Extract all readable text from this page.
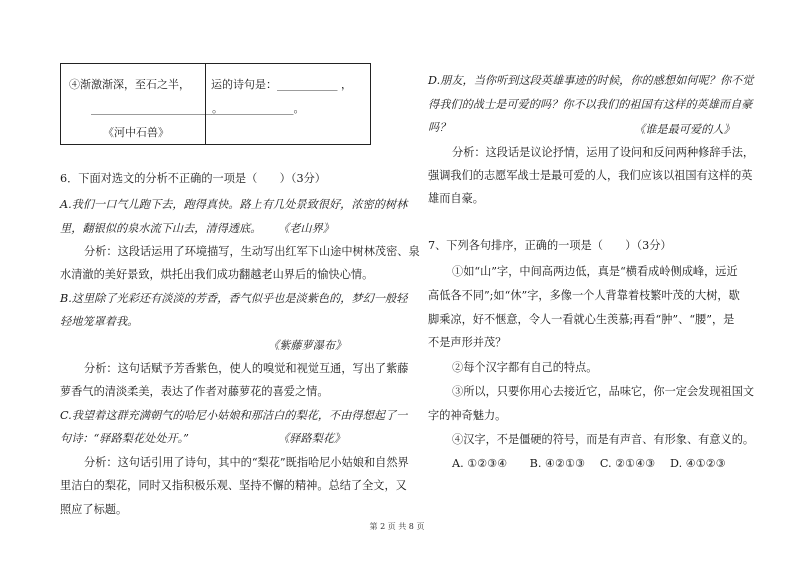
④渐激渐深，至石之半，
______________________。
《河中石兽》
运的诗句是：___________ ，
_______________。
6．下面对选文的分析不正确的一项是（　　）（3分）
A.我们一口气儿跑下去，跑得真快。路上有几处景致很好，浓密的树林
里，翻银似的泉水流下山去，清得透底。 《老山界》
分析：这段话运用了环境描写，生动写出红军下山途中树林茂密、泉
水清澈的美好景致，烘托出我们成功翻越老山界后的愉快心情。
B.这里除了光彩还有淡淡的芳香，香气似乎也是淡紫色的，梦幻一般轻
轻地笼罩着我。
《紫藤萝瀑布》
分析：这句话赋予芳香紫色，使人的嗅觉和视觉互通，写出了紫藤
萝香气的清淡柔美，表达了作者对藤萝花的喜爱之情。
C.我望着这群充满朝气的哈尼小姑娘和那洁白的梨花，不由得想起了一
句诗：“驿路梨花处处开。”	《驿路梨花》
分析：这句话引用了诗句，其中的“梨花”既指哈尼小姑娘和自然界
里洁白的梨花，同时又指积极乐观、坚持不懈的精神。总结了全文，又
照应了标题。
D.朋友，当你听到这段英雄事迹的时候，你的感想如何呢？你不觉
得我们的战士是可爱的吗？你不以我们的祖国有这样的英雄而自豪
吗？	《谁是最可爱的人》
分析：这段话是议论抒情，运用了设问和反问两种修辞手法，
强调我们的志愿军战士是最可爱的人，我们应该以祖国有这样的英
雄而自豪。
7、下列各句排序，正确的一项是（　　）（3分）
①如“山”字，中间高两边低，真是“横看成岭侧成峰，远近
高低各不同”;如“休”字，多像一个人背靠着枝繁叶茂的大树，歇
脚乘凉，好不惬意，令人一看就心生羡慕;再看“肿”、“腰”，是
不是声形并茂？
②每个汉字都有自己的特点。
③所以，只要你用心去接近它，品味它，你一定会发现祖国文
字的神奇魅力。
④汉字，不是僵硬的符号，而是有声音、有形象、有意义的。
A. ①②③④　　B. ④②①③　 C. ②①④③　 D. ④①②③
第 2 页 共 8 页
